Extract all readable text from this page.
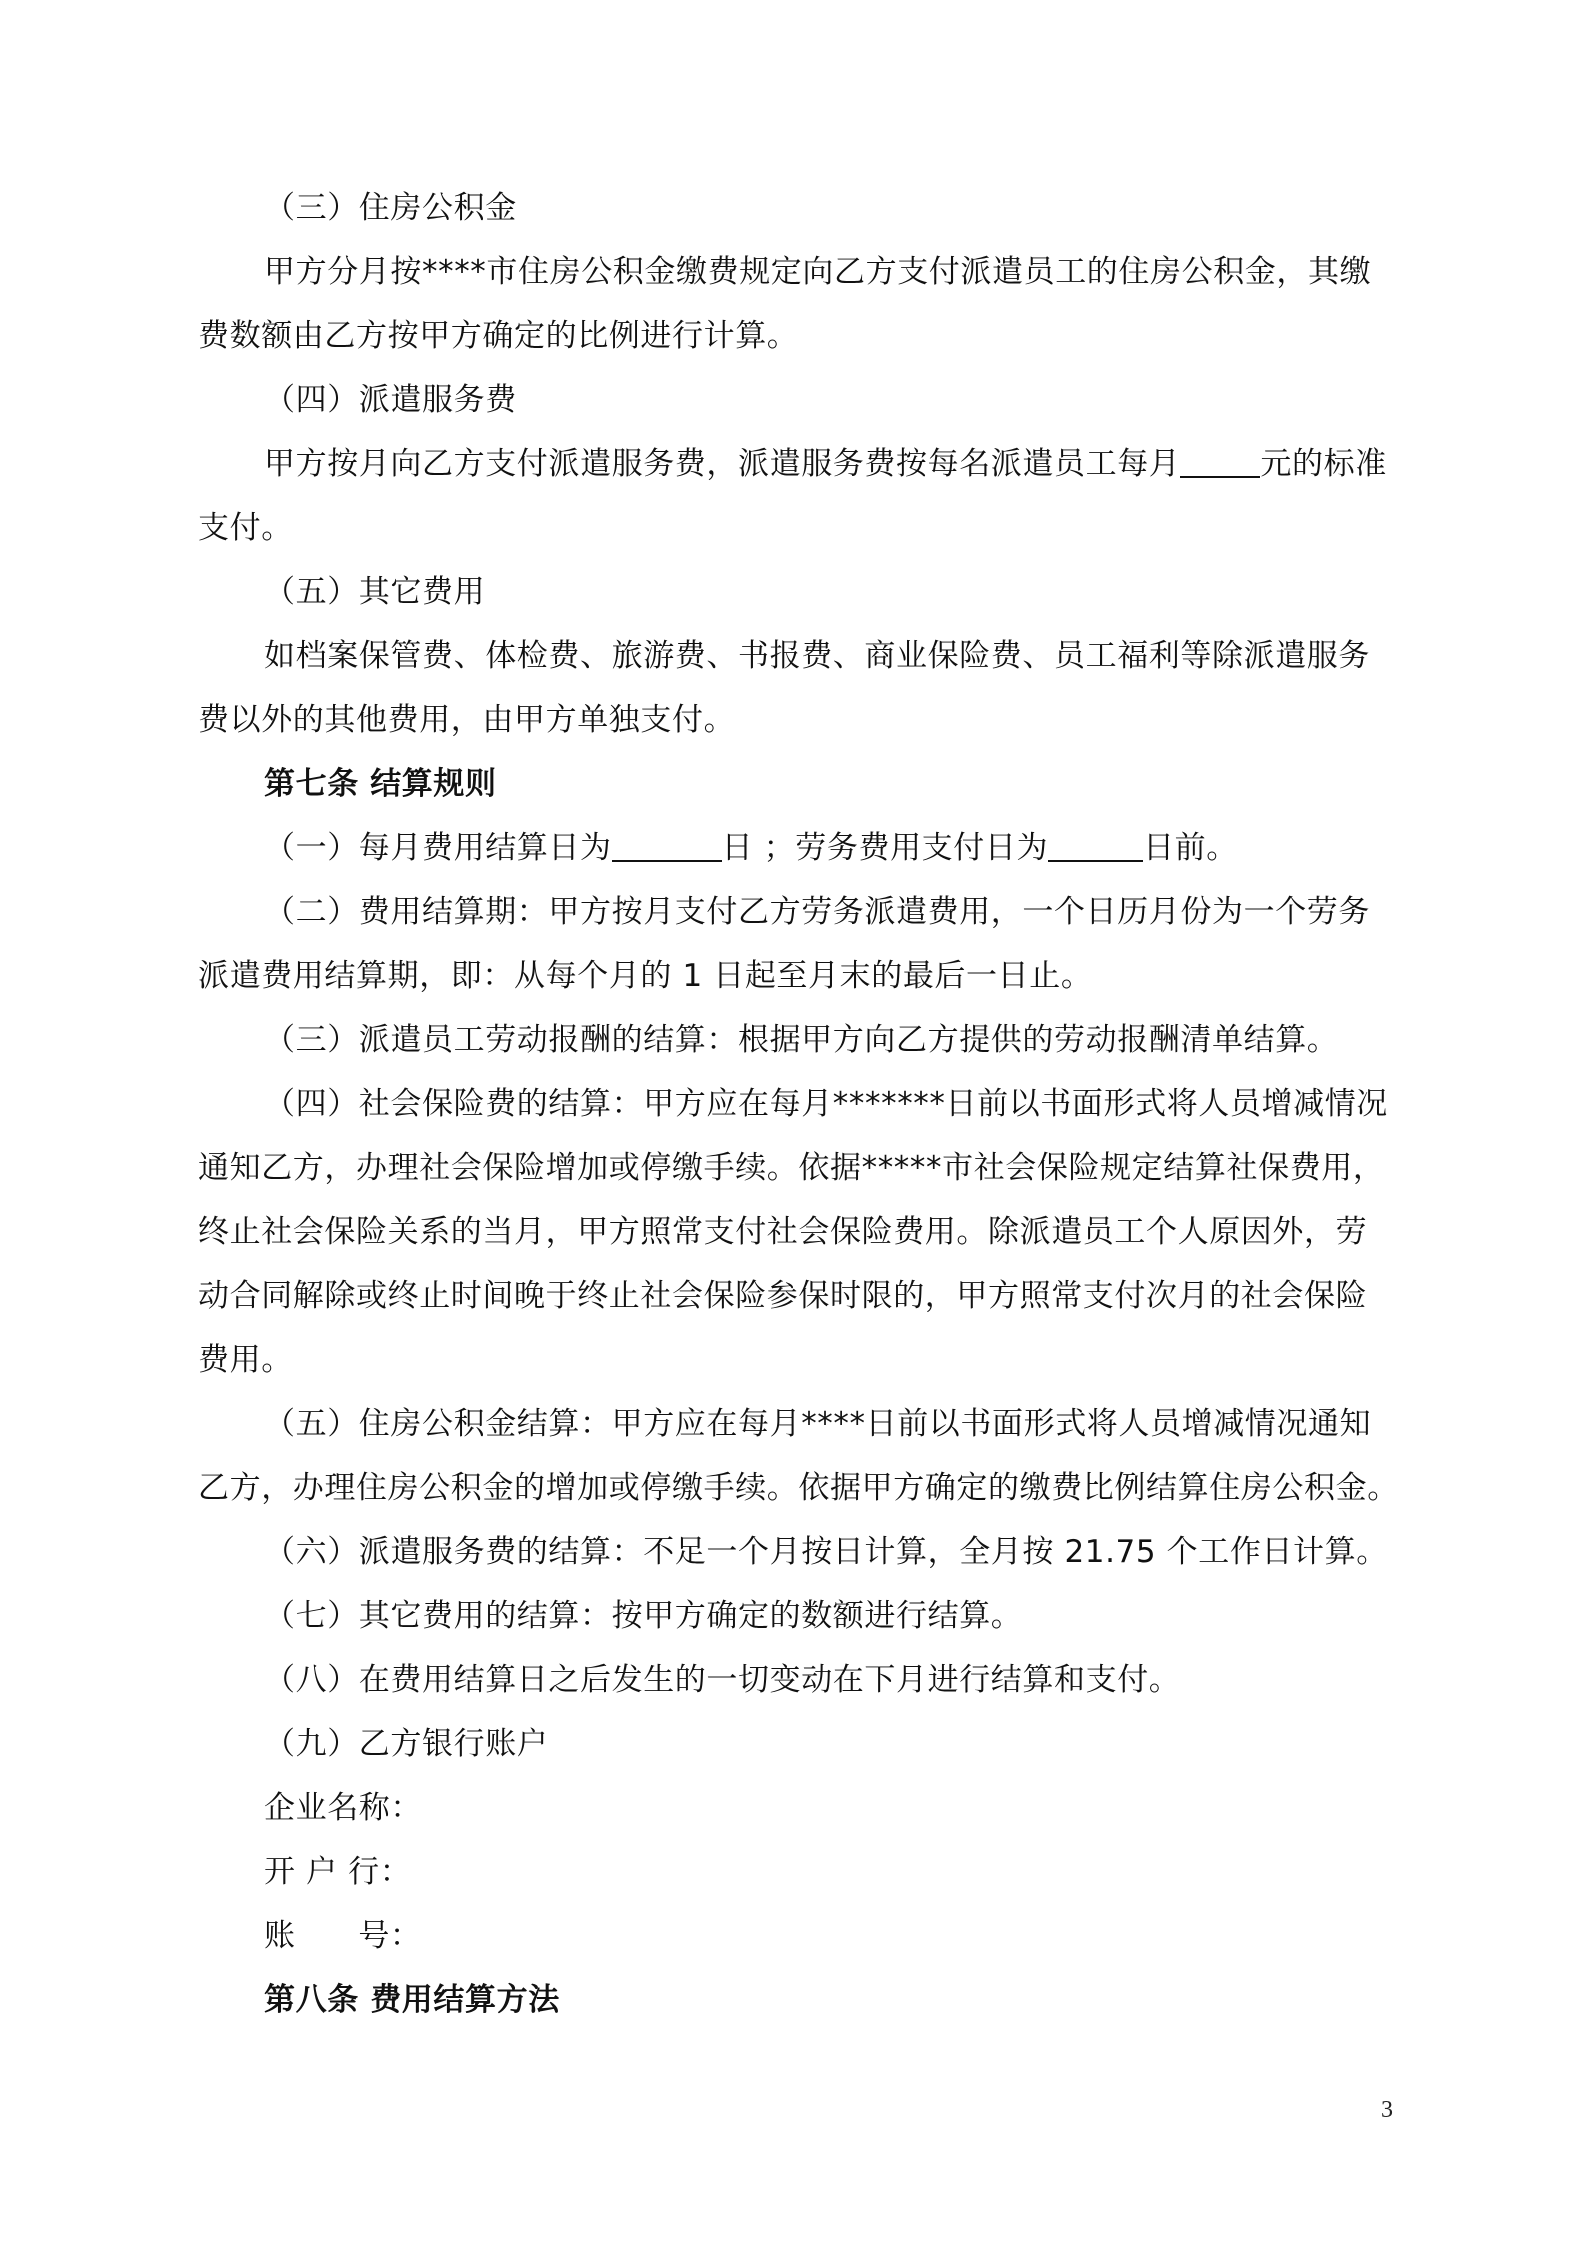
（三）住房公积金
甲方分月按****市住房公积金缴费规定向乙方支付派遣员工的住房公积金，其缴
费数额由乙方按甲方确定的比例进行计算。
（四）派遣服务费
甲方按月向乙方支付派遣服务费，派遣服务费按每名派遣员工每月	元的标准
支付。
（五）其它费用
如档案保管费、体检费、旅游费、书报费、商业保险费、员工福利等除派遣服务
费以外的其他费用，由甲方单独支付。
第七条 结算规则
（一）每月费用结算日为	日 ；劳务费用支付日为	日前。
（二）费用结算期：甲方按月支付乙方劳务派遣费用，一个日历月份为一个劳务
派遣费用结算期，即：从每个月的 1 日起至月末的最后一日止。
（三）派遣员工劳动报酬的结算：根据甲方向乙方提供的劳动报酬清单结算。
（四）社会保险费的结算：甲方应在每月*******日前以书面形式将人员增减情况
通知乙方，办理社会保险增加或停缴手续。依据*****市社会保险规定结算社保费用，
终止社会保险关系的当月，甲方照常支付社会保险费用。除派遣员工个人原因外，劳
动合同解除或终止时间晚于终止社会保险参保时限的，甲方照常支付次月的社会保险
费用。
（五）住房公积金结算：甲方应在每月****日前以书面形式将人员增减情况通知
乙方，办理住房公积金的增加或停缴手续。依据甲方确定的缴费比例结算住房公积金。
（六）派遣服务费的结算：不足一个月按日计算，全月按 21.75 个工作日计算。
（七）其它费用的结算：按甲方确定的数额进行结算。
（八）在费用结算日之后发生的一切变动在下月进行结算和支付。
（九）乙方银行账户
企业名称：
开 户 行：
账      号：
第八条 费用结算方法
3
